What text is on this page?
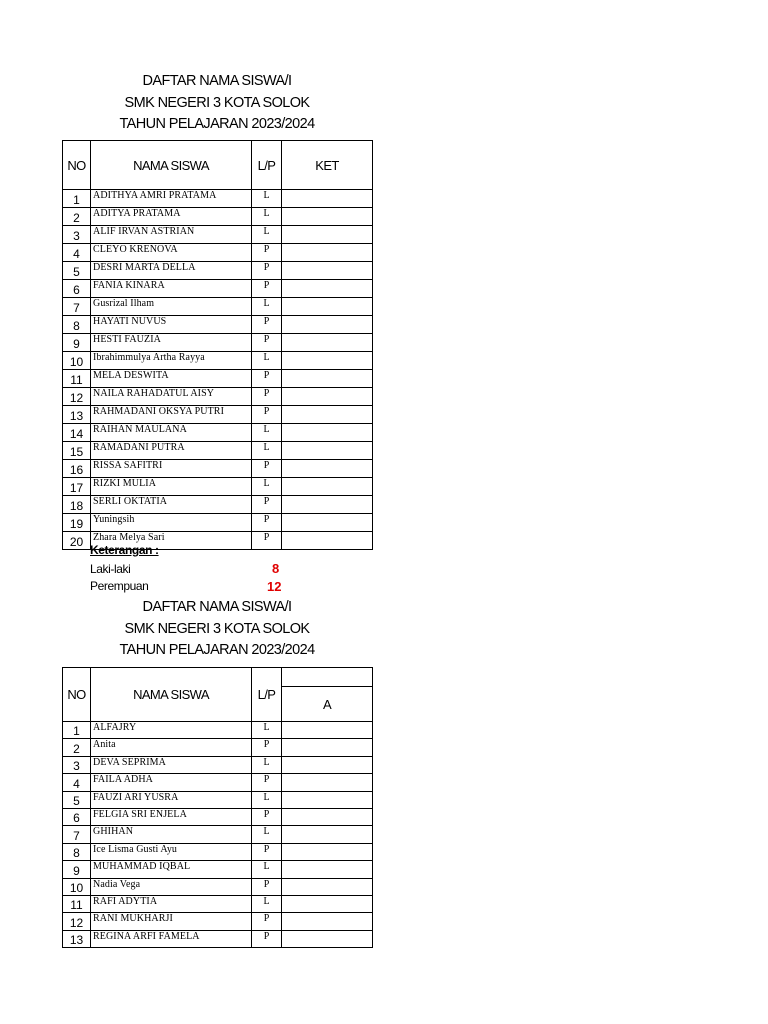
DAFTAR NAMA SISWA/I
SMK NEGERI 3 KOTA SOLOK
TAHUN PELAJARAN 2023/2024
NO	NAMA SISWA	L/P	KET
1	ADITHYA AMRI PRATAMA	L	
2	ADITYA PRATAMA	L	
3	ALIF IRVAN ASTRIAN	L	
4	CLEYO KRENOVA	P	
5	DESRI MARTA DELLA	P	
6	FANIA KINARA	P	
7	Gusrizal Ilham	L	
8	HAYATI NUVUS	P	
9	HESTI FAUZIA	P	
10	Ibrahimmulya Artha Rayya	L	
11	MELA DESWITA	P	
12	NAILA RAHADATUL AISY	P	
13	RAHMADANI OKSYA PUTRI	P	
14	RAIHAN MAULANA	L	
15	RAMADANI PUTRA	L	
16	RISSA SAFITRI	P	
17	RIZKI MULIA	L	
18	SERLI OKTATIA	P	
19	Yuningsih	P	
20	Zhara Melya Sari	P	
Keterangan :
Laki-laki	8
Perempuan	12
DAFTAR NAMA SISWA/I
SMK NEGERI 3 KOTA SOLOK
TAHUN PELAJARAN 2023/2024
NO	NAMA SISWA	L/P	
			A
1	ALFAJRY	L	
2	Anita	P	
3	DEVA SEPRIMA	L	
4	FAILA ADHA	P	
5	FAUZI ARI YUSRA	L	
6	FELGIA SRI ENJELA	P	
7	GHIHAN	L	
8	Ice Lisma Gusti Ayu	P	
9	MUHAMMAD IQBAL	L	
10	Nadia Vega	P	
11	RAFI ADYTIA	L	
12	RANI MUKHARJI	P	
13	REGINA ARFI FAMELA	P	
